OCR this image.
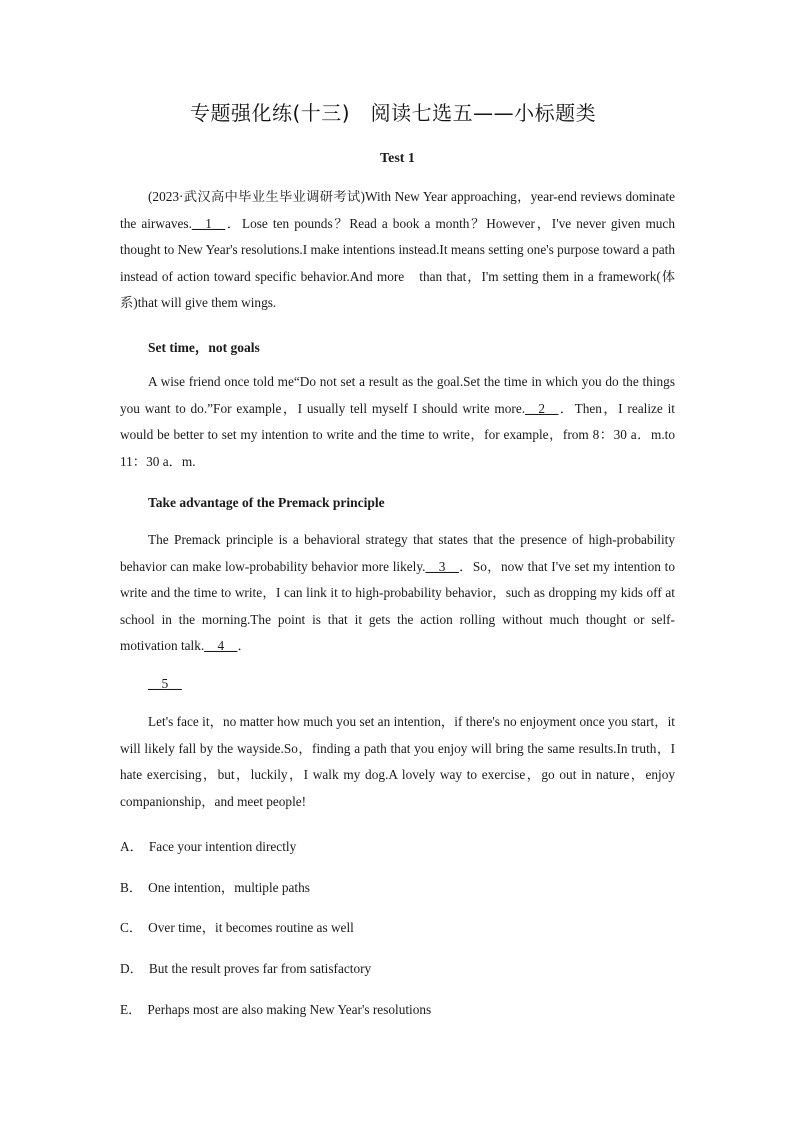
专题强化练(十三)　阅读七选五——小标题类
Test 1

(2023·武汉高中毕业生毕业调研考试)With New Year approaching，year-end reviews dominate the airwaves.__1__．Lose ten pounds？Read a book a month？However，I've never given much thought to New Year's resolutions.I make intentions instead.It means setting one's purpose toward a path instead of action toward specific behavior.And more　than that，I'm setting them in a framework(体系)that will give them wings.

Set time，not goals

A wise friend once told me“Do not set a result as the goal.Set the time in which you do the things you want to do.”For example，I usually tell myself I should write more.__2__．Then，I realize it would be better to set my intention to write and the time to write，for example，from 8：30 a．m.to 11：30 a．m.

Take advantage of the Premack principle

The Premack principle is a behavioral strategy that states that the presence of high-probability behavior can make low-probability behavior more likely.__3__．So，now that I've set my intention to write and the time to write，I can link it to high-probability behavior，such as dropping my kids off at school in the morning.The point is that it gets the action rolling without much thought or self-motivation talk.__4__．

__5__

Let's face it，no matter how much you set an intention，if there's no enjoyment once you start，it will likely fall by the wayside.So，finding a path that you enjoy will bring the same results.In truth，I hate exercising，but，luckily，I walk my dog.A lovely way to exercise，go out in nature，enjoy companionship，and meet people!

A． Face your intention directly
B． One intention，multiple paths
C． Over time，it becomes routine as well
D． But the result proves far from satisfactory
E． Perhaps most are also making New Year's resolutions
